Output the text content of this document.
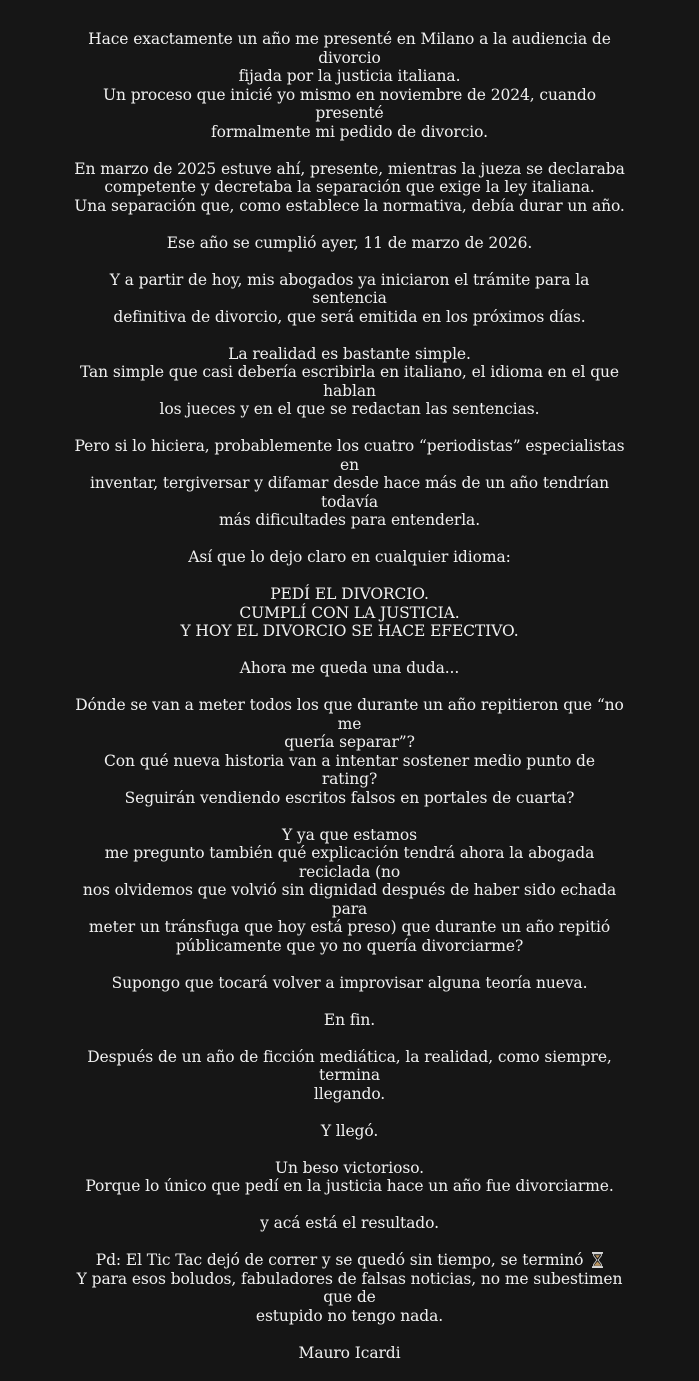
Hace exactamente un año me presenté en Milano a la audiencia de divorcio
fijada por la justicia italiana.
Un proceso que inicié yo mismo en noviembre de 2024, cuando presenté
formalmente mi pedido de divorcio.

En marzo de 2025 estuve ahí, presente, mientras la jueza se declaraba
competente y decretaba la separación que exige la ley italiana.
Una separación que, como establece la normativa, debía durar un año.

Ese año se cumplió ayer, 11 de marzo de 2026.

Y a partir de hoy, mis abogados ya iniciaron el trámite para la sentencia
definitiva de divorcio, que será emitida en los próximos días.

La realidad es bastante simple.
Tan simple que casi debería escribirla en italiano, el idioma en el que hablan
los jueces y en el que se redactan las sentencias.

Pero si lo hiciera, probablemente los cuatro “periodistas” especialistas en
inventar, tergiversar y difamar desde hace más de un año tendrían todavía
más dificultades para entenderla.

Así que lo dejo claro en cualquier idioma:

PEDÍ EL DIVORCIO.
CUMPLÍ CON LA JUSTICIA.
Y HOY EL DIVORCIO SE HACE EFECTIVO.

Ahora me queda una duda...

Dónde se van a meter todos los que durante un año repitieron que “no me
quería separar”?
Con qué nueva historia van a intentar sostener medio punto de rating?
Seguirán vendiendo escritos falsos en portales de cuarta?

Y ya que estamos
me pregunto también qué explicación tendrá ahora la abogada reciclada (no
nos olvidemos que volvió sin dignidad después de haber sido echada para
meter un tránsfuga que hoy está preso) que durante un año repitió
públicamente que yo no quería divorciarme?

Supongo que tocará volver a improvisar alguna teoría nueva.

En fin.

Después de un año de ficción mediática, la realidad, como siempre, termina
llegando.

Y llegó.

Un beso victorioso.
Porque lo único que pedí en la justicia hace un año fue divorciarme.

y acá está el resultado.

Pd: El Tic Tac dejó de correr y se quedó sin tiempo, se terminó
Y para esos boludos, fabuladores de falsas noticias, no me subestimen que de
estupido no tengo nada.

Mauro Icardi
